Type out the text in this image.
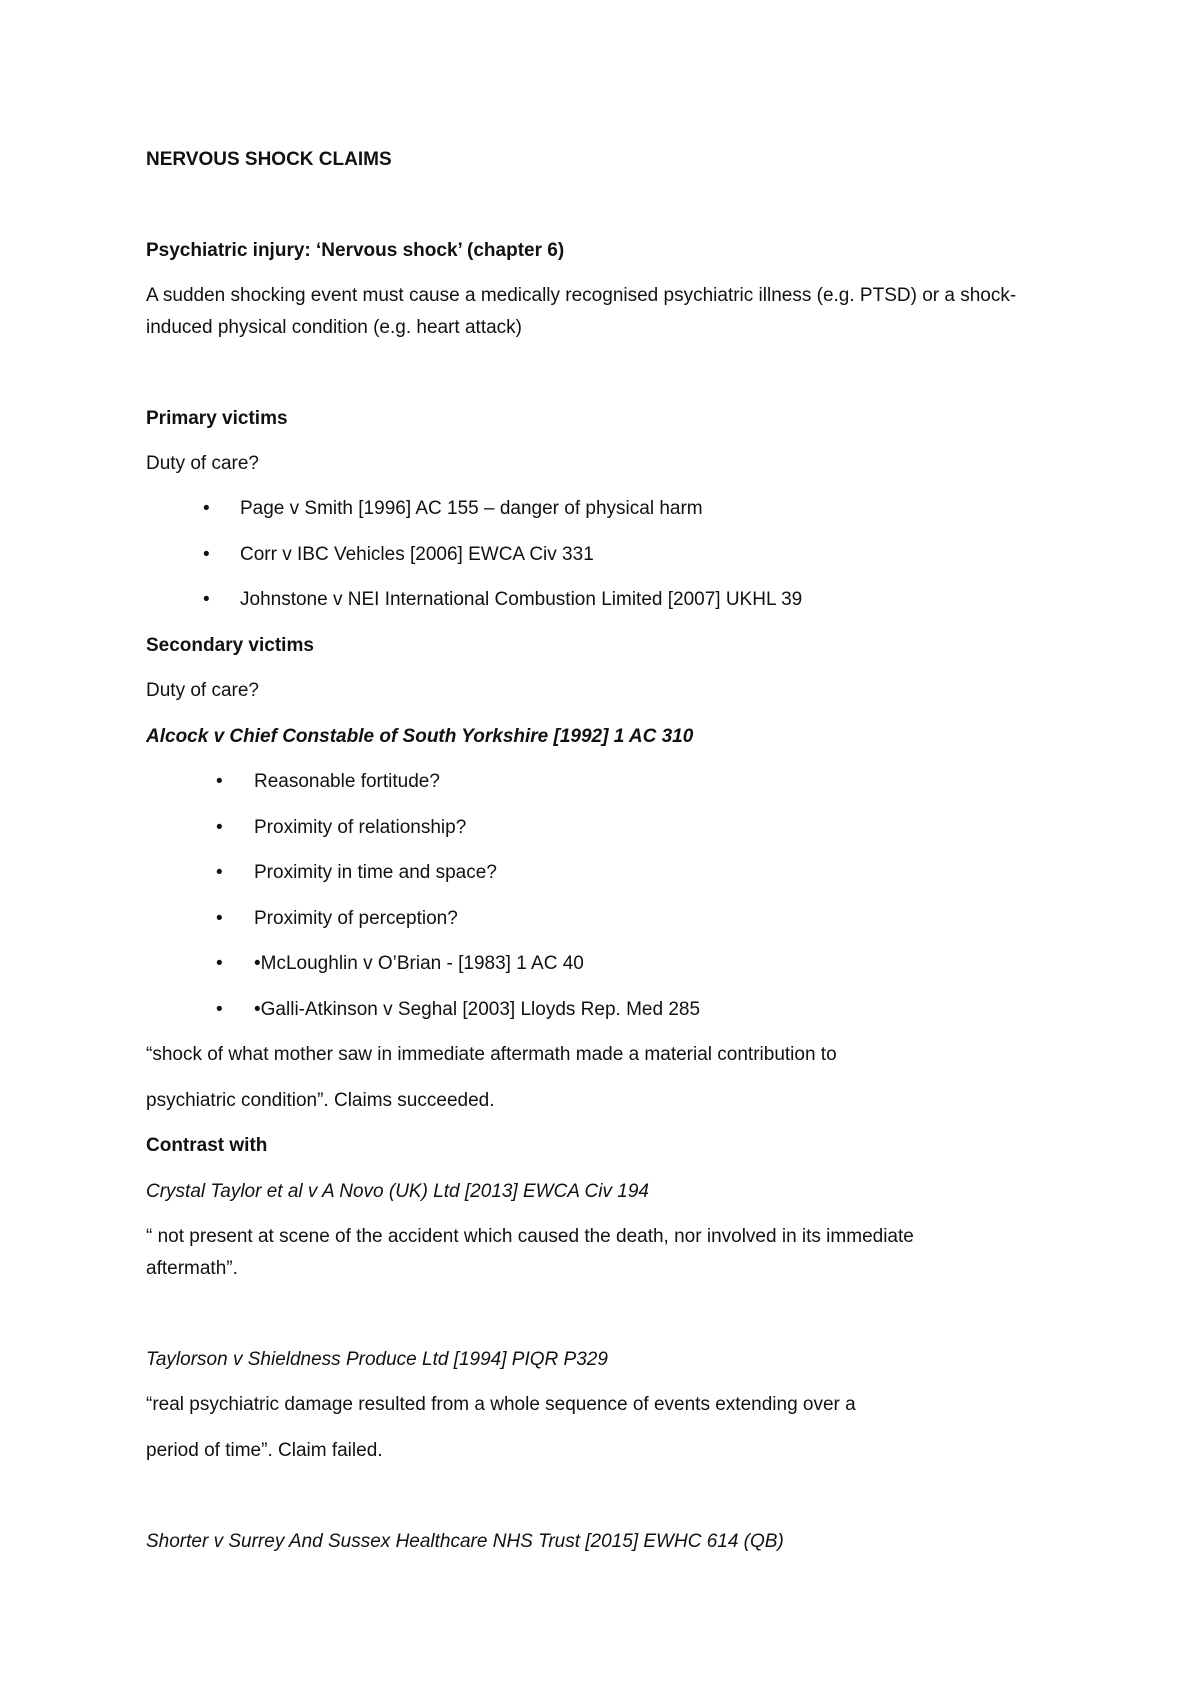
NERVOUS SHOCK CLAIMS

Psychiatric injury: ‘Nervous shock’ (chapter 6)

A sudden shocking event must cause a medically recognised psychiatric illness (e.g. PTSD) or a shock-

induced physical condition (e.g. heart attack)

Primary victims

Duty of care?

• Page v Smith [1996] AC 155 – danger of physical harm
• Corr v IBC Vehicles [2006] EWCA Civ 331
• Johnstone v NEI International Combustion Limited [2007] UKHL 39

Secondary victims

Duty of care?

Alcock v Chief Constable of South Yorkshire [1992] 1 AC 310

• Reasonable fortitude?
• Proximity of relationship?
• Proximity in time and space?
• Proximity of perception?
• •McLoughlin v O’Brian - [1983] 1 AC 40
• •Galli-Atkinson v Seghal [2003] Lloyds Rep. Med 285

“shock of what mother saw in immediate aftermath made a material contribution to

psychiatric condition”. Claims succeeded.

Contrast with

Crystal Taylor et al v A Novo (UK) Ltd [2013] EWCA Civ 194

“ not present at scene of the accident which caused the death, nor involved in its immediate

aftermath”.

Taylorson v Shieldness Produce Ltd [1994] PIQR P329

“real psychiatric damage resulted from a whole sequence of events extending over a

period of time”. Claim failed.

Shorter v Surrey And Sussex Healthcare NHS Trust [2015] EWHC 614 (QB)
